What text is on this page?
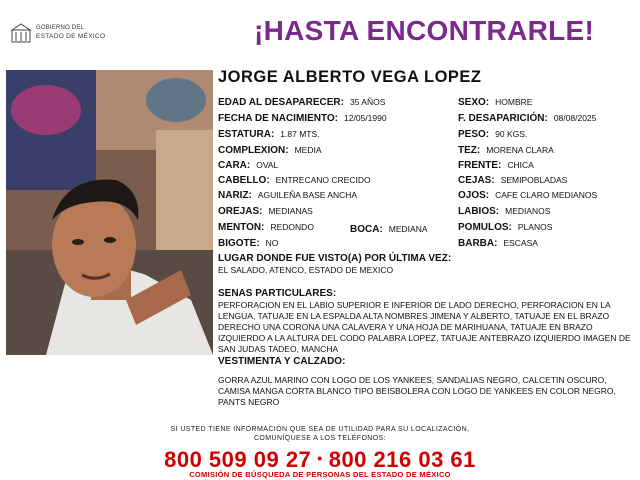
GOBIERNO DEL
ESTADO DE MÉXICO	¡HASTA ENCONTRARLE!
JORGE ALBERTO VEGA LOPEZ
EDAD AL DESAPARECER: 35 AÑOS
FECHA DE NACIMIENTO: 12/05/1990
ESTATURA: 1.87 MTS.
COMPLEXION: MEDIA
CARA: OVAL
CABELLO: ENTRECANO CRECIDO
NARIZ: AGUILEÑA BASE ANCHA
OREJAS: MEDIANAS
MENTON: REDONDO	BOCA: MEDIANA
BIGOTE: NO
SEXO: HOMBRE
F. DESAPARICIÓN: 08/08/2025
PESO: 90 KGS.
TEZ: MORENA CLARA
FRENTE: CHICA
CEJAS: SEMIPOBLADAS
OJOS: CAFE CLARO MEDIANOS
LABIOS: MEDIANOS
POMULOS: PLANOS
BARBA: ESCASA
LUGAR DONDE FUE VISTO(A) POR ÚLTIMA VEZ:
EL SALADO, ATENCO, ESTADO DE MEXICO
SENAS PARTICULARES:
PERFORACION EN EL LABIO SUPERIOR E INFERIOR DE LADO DERECHO, PERFORACION EN LA LENGUA, TATUAJE EN LA ESPALDA ALTA NOMBRES JIMENA Y ALBERTO, TATUAJE EN EL BRAZO DERECHO UNA CORONA UNA CALAVERA Y UNA HOJA DE MARIHUANA, TATUAJE EN BRAZO IZQUIERDO A LA ALTURA DEL CODO PALABRA LOPEZ, TATUAJE ANTEBRAZO IZQUIERDO IMAGEN DE SAN JUDAS TADEO, MANCHA
VESTIMENTA Y CALZADO:
GORRA AZUL MARINO CON LOGO DE LOS YANKEES, SANDALIAS NEGRO, CALCETIN OSCURO, CAMISA MANGA CORTA BLANCO TIPO BEISBOLERA CON LOGO DE YANKEES EN COLOR NEGRO, PANTS NEGRO
SI USTED TIENE INFORMACIÓN QUE SEA DE UTILIDAD PARA SU LOCALIZACIÓN,
COMUNÍQUESE A LOS TELÉFONOS:
800 509 09 27 • 800 216 03 61
COMISIÓN DE BÚSQUEDA DE PERSONAS DEL ESTADO DE MÉXICO
